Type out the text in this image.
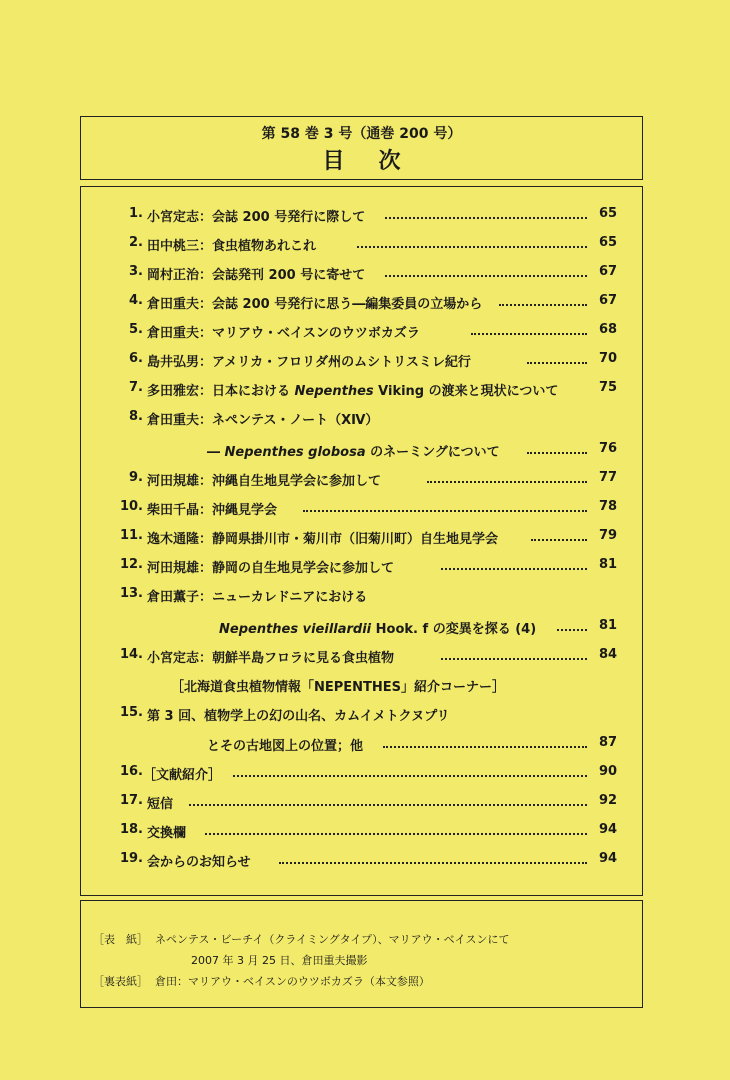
第 58 巻 3 号（通巻 200 号）
目次
1. 小宮定志：会誌 200 号発行に際して	65
2. 田中桃三：食虫植物あれこれ	65
3. 岡村正治：会誌発刊 200 号に寄せて	67
4. 倉田重夫：会誌 200 号発行に思う―編集委員の立場から	67
5. 倉田重夫：マリアウ・ベイスンのウツボカズラ	68
6. 島井弘男：アメリカ・フロリダ州のムシトリスミレ紀行	70
7. 多田雅宏：日本における Nepenthes Viking の渡来と現状について	75
8. 倉田重夫：ネペンテス・ノート（XⅣ）
― Nepenthes globosa のネーミングについて	76
9. 河田規雄：沖縄自生地見学会に参加して	77
10. 柴田千晶：沖縄見学会	78
11. 逸木通隆：静岡県掛川市・菊川市（旧菊川町）自生地見学会	79
12. 河田規雄：静岡の自生地見学会に参加して	81
13. 倉田薫子：ニューカレドニアにおける
Nepenthes vieillardii Hook. f の変異を探る (4)	81
14. 小宮定志：朝鮮半島フロラに見る食虫植物	84
［北海道食虫植物情報「NEPENTHES」紹介コーナー］
15. 第 3 回、植物学上の幻の山名、カムイメトクヌプリ
とその古地図上の位置；他	87
16. ［文献紹介］	90
17. 短信	92
18. 交換欄	94
19. 会からのお知らせ	94
［表　紙］ ネペンテス・ビーチイ（クライミングタイプ）、マリアウ・ベイスンにて
2007 年 3 月 25 日、倉田重夫撮影
［裏表紙］ 倉田：マリアウ・ベイスンのウツボカズラ（本文参照）
